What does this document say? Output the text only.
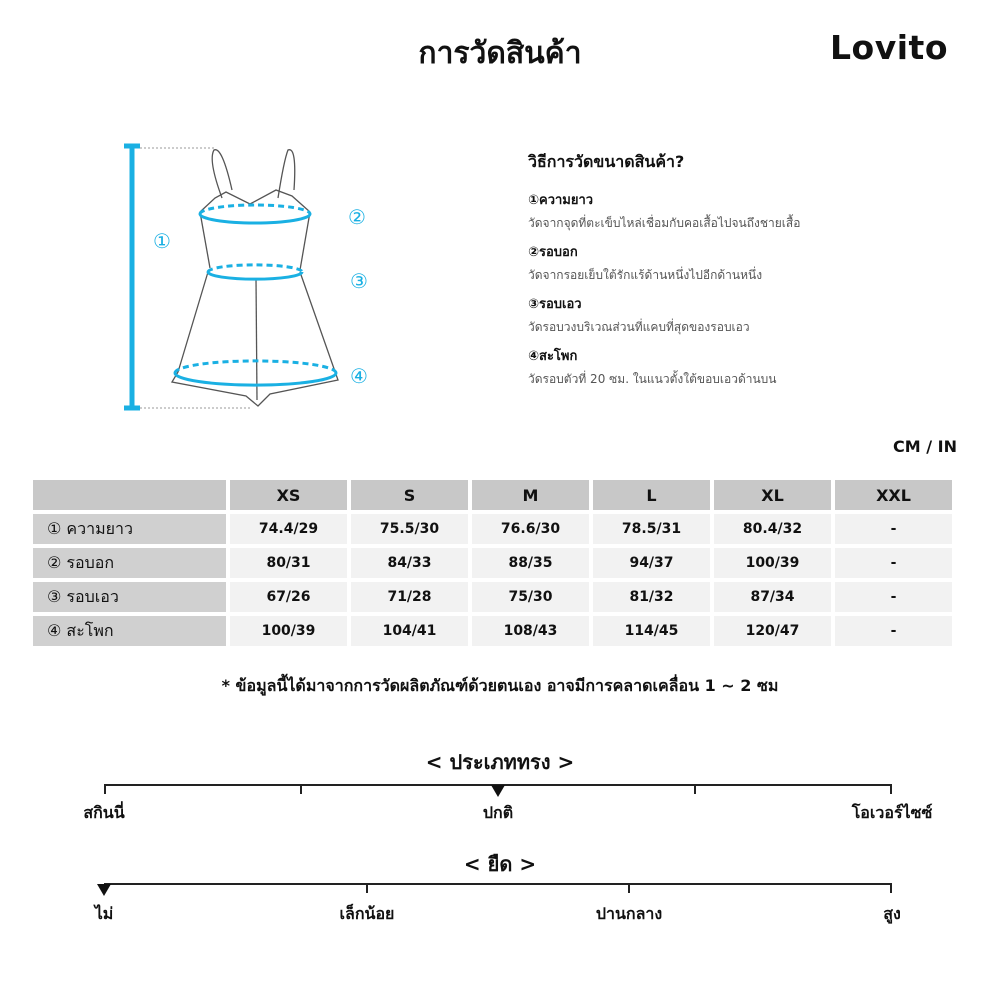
การวัดสินค้า	Lovito
①
②
③
④
วิธีการวัดขนาดสินค้า?
①ความยาว
วัดจากจุดที่ตะเข็บไหล่เชื่อมกับคอเสื้อไปจนถึงชายเสื้อ
②รอบอก
วัดจากรอยเย็บใต้รักแร้ด้านหนึ่งไปอีกด้านหนึ่ง
③รอบเอว
วัดรอบวงบริเวณส่วนที่แคบที่สุดของรอบเอว
④สะโพก
วัดรอบตัวที่ 20 ซม. ในแนวตั้งใต้ขอบเอวด้านบน
CM / IN
	XS	S	M	L	XL	XXL
① ความยาว	74.4/29	75.5/30	76.6/30	78.5/31	80.4/32	-
② รอบอก	80/31	84/33	88/35	94/37	100/39	-
③ รอบเอว	67/26	71/28	75/30	81/32	87/34	-
④ สะโพก	100/39	104/41	108/43	114/45	120/47	-
* ข้อมูลนี้ได้มาจากการวัดผลิตภัณฑ์ด้วยตนเอง อาจมีการคลาดเคลื่อน 1 ~ 2 ซม
< ประเภททรง >
สกินนี่	ปกติ	โอเวอร์ไซซ์
< ยืด >
ไม่	เล็กน้อย	ปานกลาง	สูง
